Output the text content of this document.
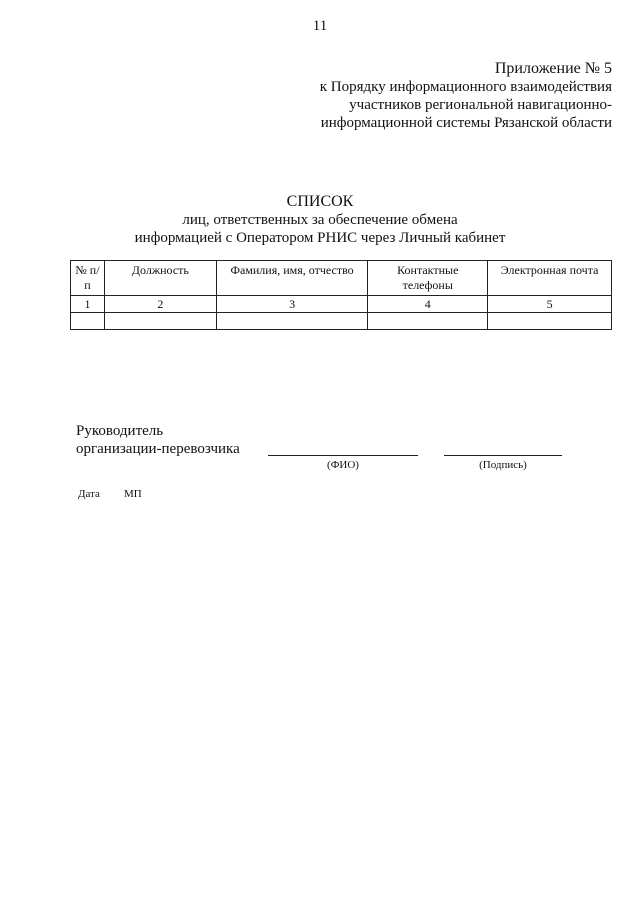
11
Приложение № 5
к Порядку информационного взаимодействия
участников региональной навигационно-
информационной системы Рязанской области
СПИСОК
лиц, ответственных за обеспечение обмена
информацией с Оператором РНИС через Личный кабинет
№ п/п	Должность	Фамилия, имя, отчество	Контактные телефоны	Электронная почта
1	2	3	4	5

Руководитель
организации-перевозчика
(ФИО)	(Подпись)
Дата МП
